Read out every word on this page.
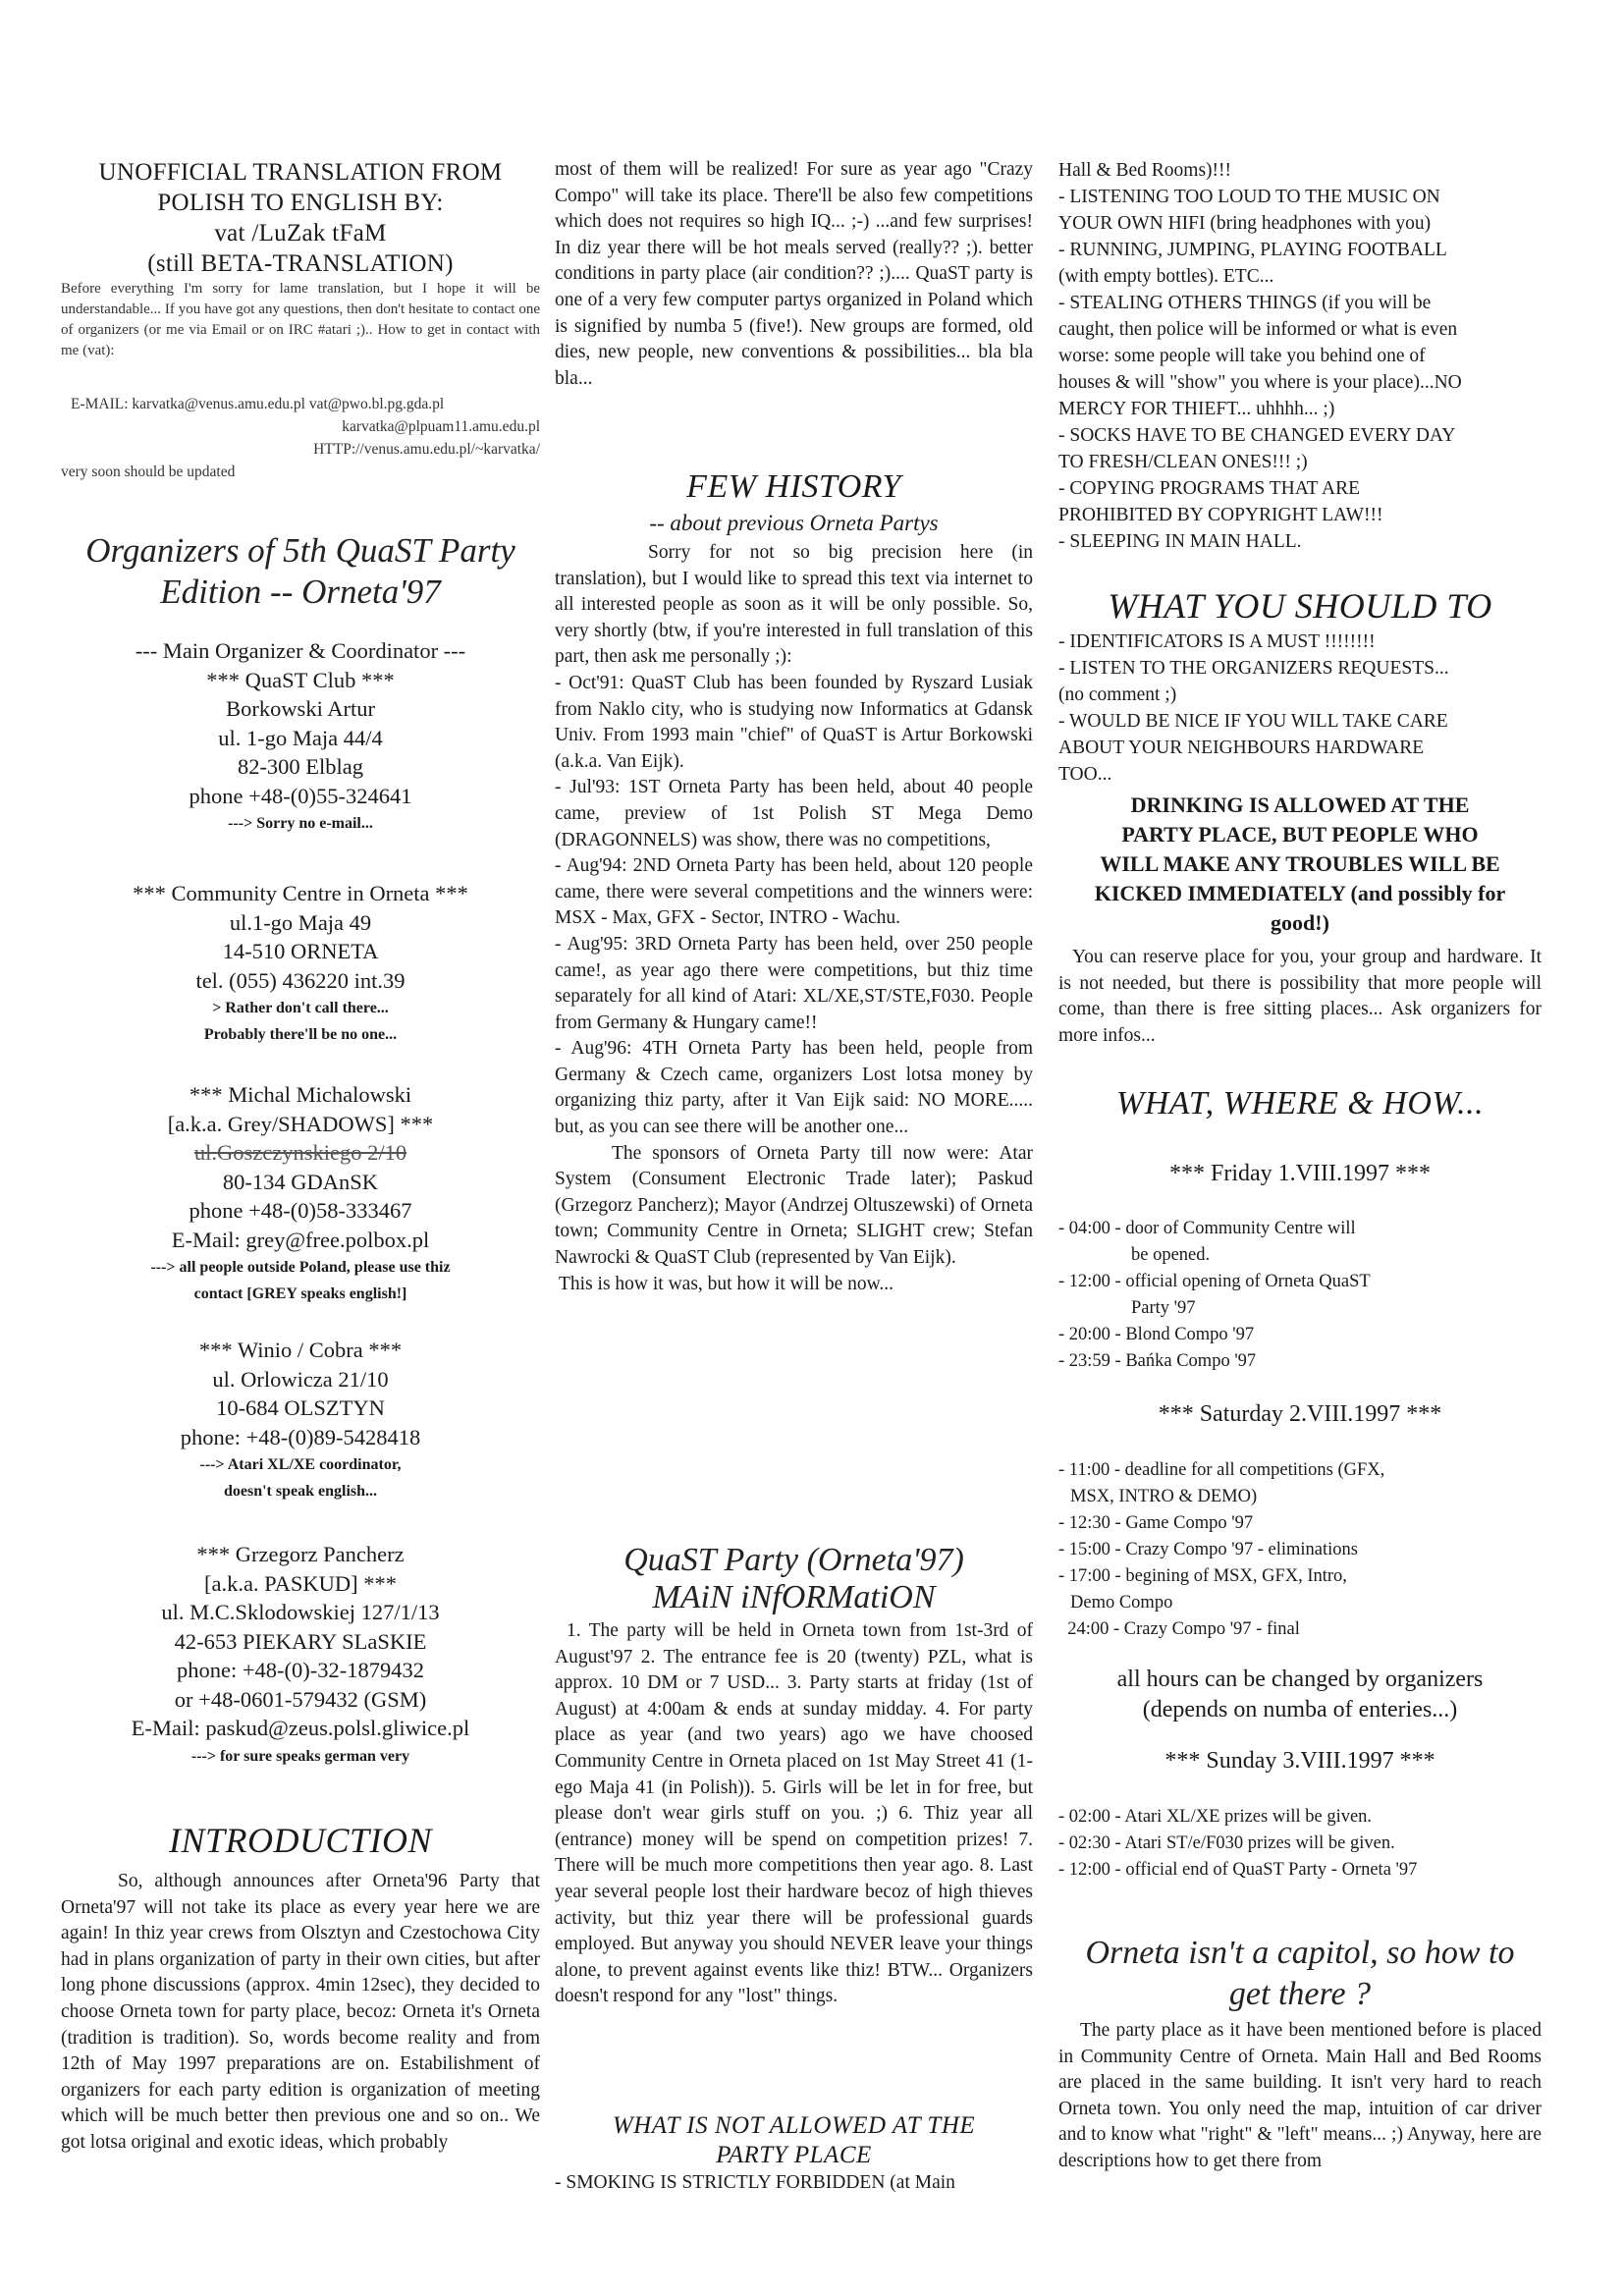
UNOFFICIAL TRANSLATION FROM
POLISH TO ENGLISH BY:
vat /LuZak tFaM
(still BETA-TRANSLATION)
Before everything I'm sorry for lame translation, but I hope it will be understandable... If you have got any questions, then don't hesitate to contact one of organizers (or me via Email or on IRC #atari ;).. How to get in contact with me (vat):
E-MAIL: karvatka@venus.amu.edu.pl vat@pwo.bl.pg.gda.pl
karvatka@plpuam11.amu.edu.pl
HTTP://venus.amu.edu.pl/~karvatka/
very soon should be updated
Organizers of 5th QuaST Party
Edition -- Orneta'97
--- Main Organizer & Coordinator ---
*** QuaST Club ***
Borkowski Artur
ul. 1-go Maja 44/4
82-300 Elblag
phone +48-(0)55-324641
---> Sorry no e-mail...
*** Community Centre in Orneta ***
ul.1-go Maja 49
14-510 ORNETA
tel. (055) 436220 int.39
> Rather don't call there...
Probably there'll be no one...
*** Michal Michalowski
[a.k.a. Grey/SHADOWS] ***
ul.Goszczynskiego 2/10
80-134 GDAnSK
phone +48-(0)58-333467
E-Mail: grey@free.polbox.pl
---> all people outside Poland, please use thiz
contact [GREY speaks english!]
*** Winio / Cobra ***
ul. Orlowicza 21/10
10-684 OLSZTYN
phone: +48-(0)89-5428418
---> Atari XL/XE coordinator,
doesn't speak english...
*** Grzegorz Pancherz
[a.k.a. PASKUD] ***
ul. M.C.Sklodowskiej 127/1/13
42-653 PIEKARY SLaSKIE
phone: +48-(0)-32-1879432
or +48-0601-579432 (GSM)
E-Mail: paskud@zeus.polsl.gliwice.pl
---> for sure speaks german very
INTRODUCTION
So, although announces after Orneta'96 Party that Orneta'97 will not take its place as every year here we are again! In thiz year crews from Olsztyn and Czestochowa City had in plans organization of party in their own cities, but after long phone discussions (approx. 4min 12sec), they decided to choose Orneta town for party place, becoz: Orneta it's Orneta (tradition is tradition). So, words become reality and from 12th of May 1997 preparations are on. Estabilishment of organizers for each party edition is organization of meeting which will be much better then previous one and so on.. We got lotsa original and exotic ideas, which probably
most of them will be realized! For sure as year ago "Crazy Compo" will take its place. There'll be also few competitions which does not requires so high IQ... ;-) ...and few surprises! In diz year there will be hot meals served (really?? ;). better conditions in party place (air condition?? ;).... QuaST party is one of a very few computer partys organized in Poland which is signified by numba 5 (five!). New groups are formed, old dies, new people, new conventions & possibilities... bla bla bla...
FEW HISTORY
-- about previous Orneta Partys
Sorry for not so big precision here (in translation), but I would like to spread this text via internet to all interested people as soon as it will be only possible. So, very shortly (btw, if you're interested in full translation of this part, then ask me personally ;):
- Oct'91: QuaST Club has been founded by Ryszard Lusiak from Naklo city, who is studying now Informatics at Gdansk Univ. From 1993 main "chief" of QuaST is Artur Borkowski (a.k.a. Van Eijk).
- Jul'93: 1ST Orneta Party has been held, about 40 people came, preview of 1st Polish ST Mega Demo (DRAGONNELS) was show, there was no competitions,
- Aug'94: 2ND Orneta Party has been held, about 120 people came, there were several competitions and the winners were: MSX - Max, GFX - Sector, INTRO - Wachu.
- Aug'95: 3RD Orneta Party has been held, over 250 people came!, as year ago there were competitions, but thiz time separately for all kind of Atari: XL/XE,ST/STE,F030. People from Germany & Hungary came!!
- Aug'96: 4TH Orneta Party has been held, people from Germany & Czech came, organizers Lost lotsa money by organizing thiz party, after it Van Eijk said: NO MORE..... but, as you can see there will be another one...
The sponsors of Orneta Party till now were: Atar System (Consument Electronic Trade later); Paskud (Grzegorz Pancherz); Mayor (Andrzej Oltuszewski) of Orneta town; Community Centre in Orneta; SLIGHT crew; Stefan Nawrocki & QuaST Club (represented by Van Eijk).
This is how it was, but how it will be now...
QuaST Party (Orneta'97)
MAiN iNfORMatiON
1. The party will be held in Orneta town from 1st-3rd of August'97 2. The entrance fee is 20 (twenty) PZL, what is approx. 10 DM or 7 USD... 3. Party starts at friday (1st of August) at 4:00am & ends at sunday midday. 4. For party place as year (and two years) ago we have choosed Community Centre in Orneta placed on 1st May Street 41 (1-ego Maja 41 (in Polish)). 5. Girls will be let in for free, but please don't wear girls stuff on you. ;) 6. Thiz year all (entrance) money will be spend on competition prizes! 7. There will be much more competitions then year ago. 8. Last year several people lost their hardware becoz of high thieves activity, but thiz year there will be professional guards employed. But anyway you should NEVER leave your things alone, to prevent against events like thiz! BTW... Organizers doesn't respond for any "lost" things.
WHAT IS NOT ALLOWED AT THE
PARTY PLACE
- SMOKING IS STRICTLY FORBIDDEN (at Main
Hall & Bed Rooms)!!!
- LISTENING TOO LOUD TO THE MUSIC ON
YOUR OWN HIFI (bring headphones with you)
- RUNNING, JUMPING, PLAYING FOOTBALL
(with empty bottles). ETC...
- STEALING OTHERS THINGS (if you will be
caught, then police will be informed or what is even
worse: some people will take you behind one of
houses & will "show" you where is your place)...NO
MERCY FOR THIEFT... uhhhh... ;)
- SOCKS HAVE TO BE CHANGED EVERY DAY
TO FRESH/CLEAN ONES!!! ;)
- COPYING PROGRAMS THAT ARE
PROHIBITED BY COPYRIGHT LAW!!!
- SLEEPING IN MAIN HALL.
WHAT YOU SHOULD TO
- IDENTIFICATORS IS A MUST !!!!!!!!
- LISTEN TO THE ORGANIZERS REQUESTS...
(no comment ;)
- WOULD BE NICE IF YOU WILL TAKE CARE
ABOUT YOUR NEIGHBOURS HARDWARE
TOO...
DRINKING IS ALLOWED AT THE
PARTY PLACE, BUT PEOPLE WHO
WILL MAKE ANY TROUBLES WILL BE
KICKED IMMEDIATELY (and possibly for
good!)
You can reserve place for you, your group and hardware. It is not needed, but there is possibility that more people will come, than there is free sitting places... Ask organizers for more infos...
WHAT, WHERE & HOW...
*** Friday 1.VIII.1997 ***
- 04:00 - door of Community Centre will
be opened.
- 12:00 - official opening of Orneta QuaST
Party '97
- 20:00 - Blond Compo '97
- 23:59 - Bańka Compo '97
*** Saturday 2.VIII.1997 ***
- 11:00 - deadline for all competitions (GFX,
MSX, INTRO & DEMO)
- 12:30 - Game Compo '97
- 15:00 - Crazy Compo '97 - eliminations
- 17:00 - begining of MSX, GFX, Intro,
Demo Compo
24:00 - Crazy Compo '97 - final
all hours can be changed by organizers
(depends on numba of enteries...)
*** Sunday 3.VIII.1997 ***
- 02:00 - Atari XL/XE prizes will be given.
- 02:30 - Atari ST/e/F030 prizes will be given.
- 12:00 - official end of QuaST Party - Orneta '97
Orneta isn't a capitol, so how to
get there ?
The party place as it have been mentioned before is placed in Community Centre of Orneta. Main Hall and Bed Rooms are placed in the same building. It isn't very hard to reach Orneta town. You only need the map, intuition of car driver and to know what "right" & "left" means... ;) Anyway, here are descriptions how to get there from
